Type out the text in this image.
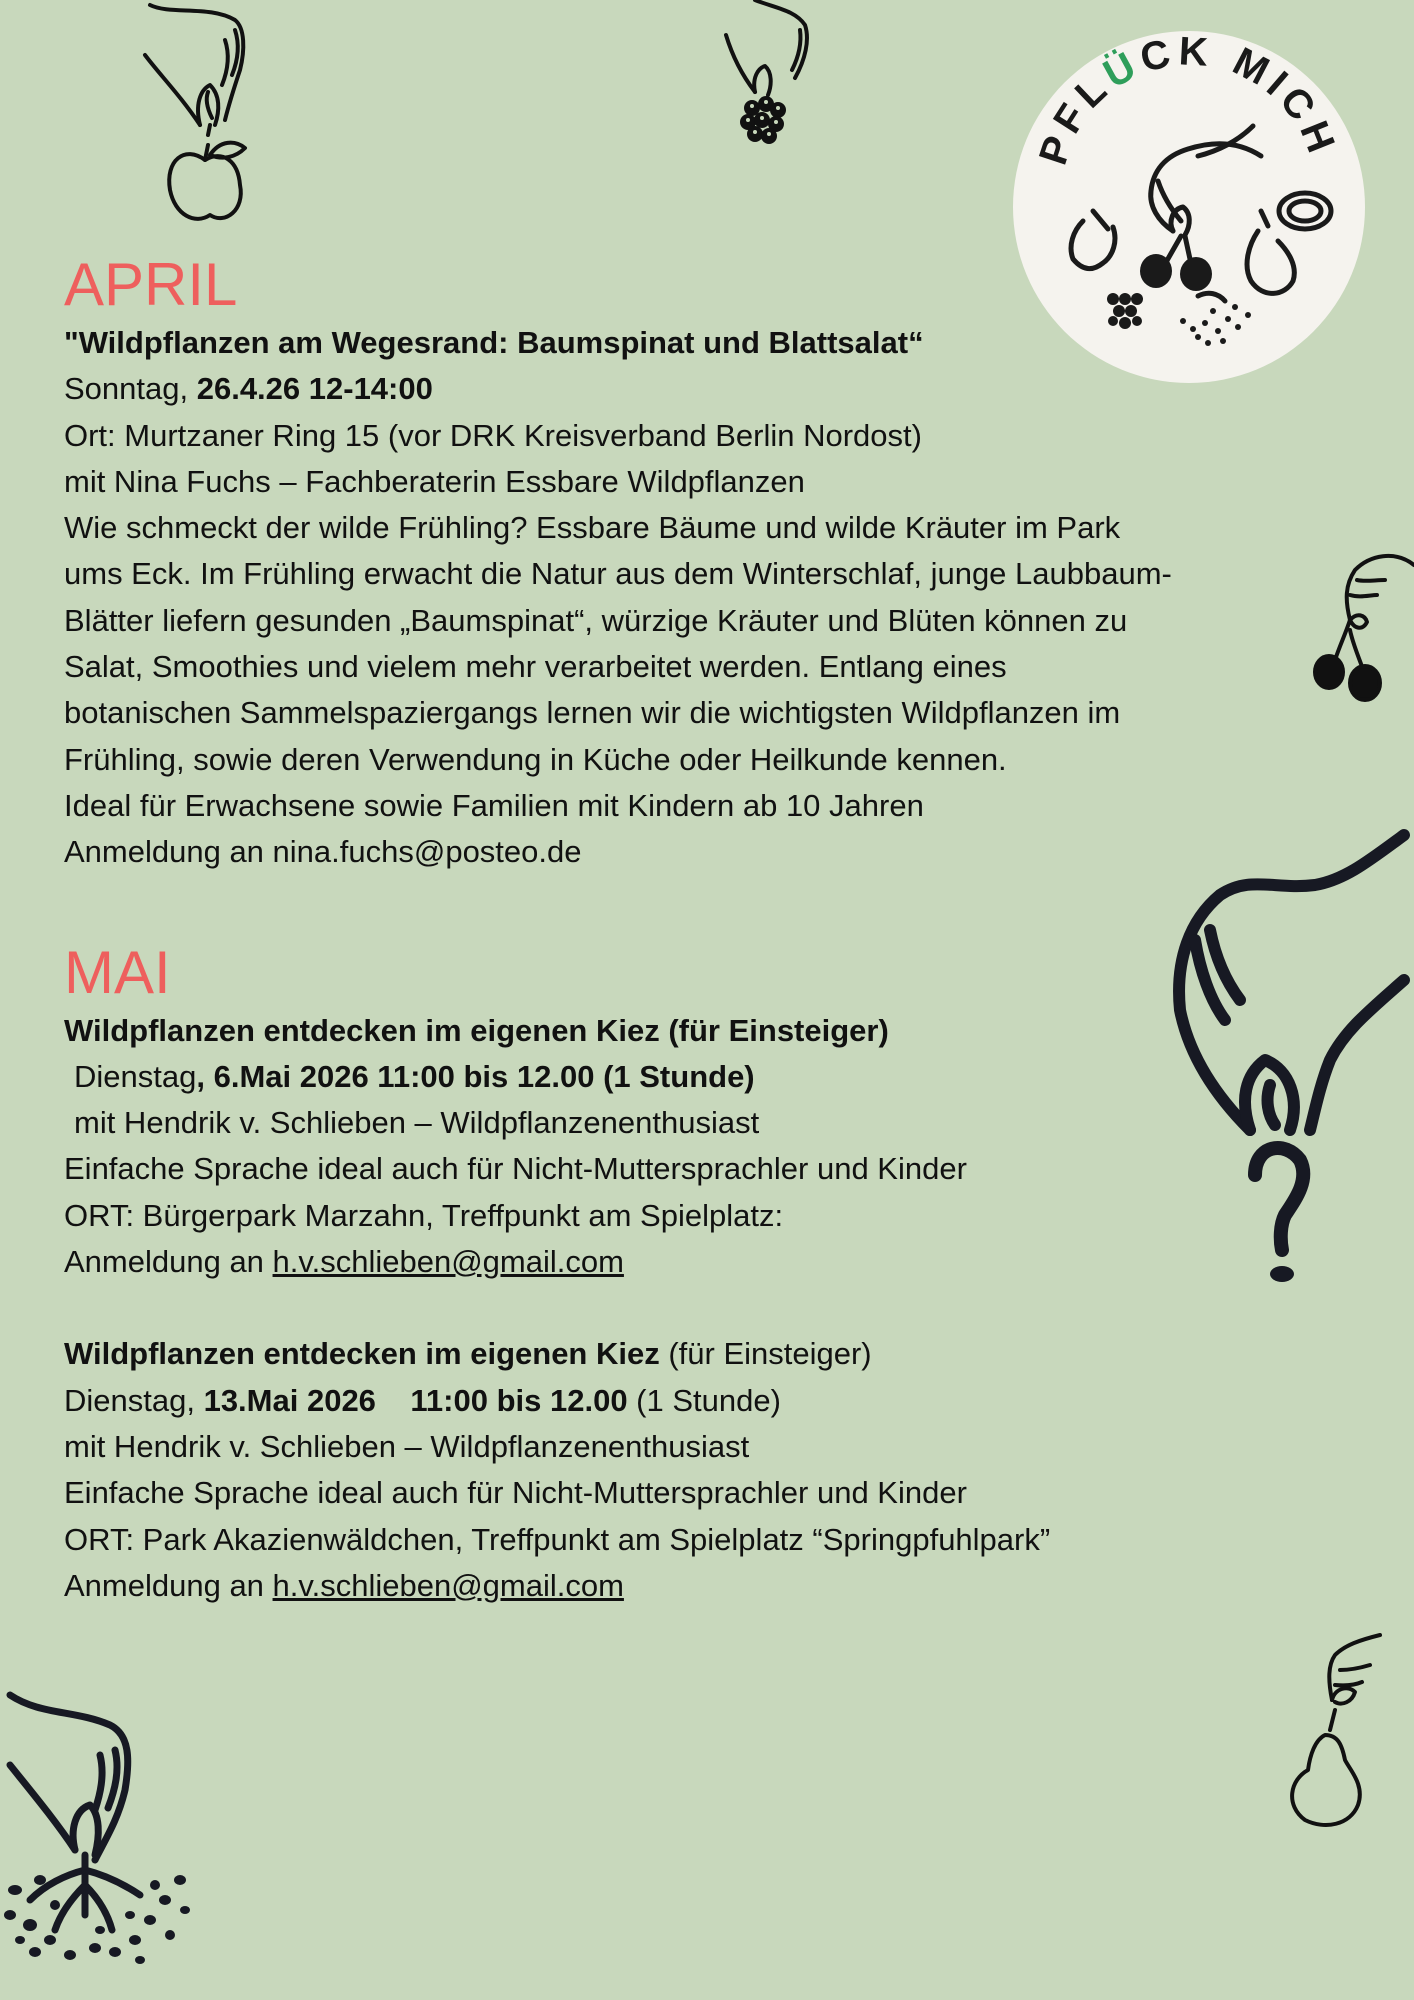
PFLÜCK MICH
APRIL

"Wildpflanzen am Wegesrand: Baumspinat und Blattsalat“

Sonntag, 26.4.26 12-14:00

Ort: Murtzaner Ring 15 (vor DRK Kreisverband Berlin Nordost)

mit Nina Fuchs – Fachberaterin Essbare Wildpflanzen

Wie schmeckt der wilde Frühling? Essbare Bäume und wilde Kräuter im Park

ums Eck. Im Frühling erwacht die Natur aus dem Winterschlaf, junge Laubbaum-

Blätter liefern gesunden „Baumspinat“, würzige Kräuter und Blüten können zu

Salat, Smoothies und vielem mehr verarbeitet werden. Entlang eines

botanischen Sammelspaziergangs lernen wir die wichtigsten Wildpflanzen im

Frühling, sowie deren Verwendung in Küche oder Heilkunde kennen.

Ideal für Erwachsene sowie Familien mit Kindern ab 10 Jahren

Anmeldung an nina.fuchs@posteo.de

MAI

Wildpflanzen entdecken im eigenen Kiez (für Einsteiger)

Dienstag, 6.Mai 2026 11:00 bis 12.00 (1 Stunde)

mit Hendrik v. Schlieben – Wildpflanzenenthusiast

Einfache Sprache ideal auch für Nicht-Muttersprachler und Kinder

ORT: Bürgerpark Marzahn, Treffpunkt am Spielplatz:

Anmeldung an h.v.schlieben@gmail.com

Wildpflanzen entdecken im eigenen Kiez (für Einsteiger)

Dienstag, 13.Mai 2026 11:00 bis 12.00 (1 Stunde)

mit Hendrik v. Schlieben – Wildpflanzenenthusiast

Einfache Sprache ideal auch für Nicht-Muttersprachler und Kinder

ORT: Park Akazienwäldchen, Treffpunkt am Spielplatz “Springpfuhlpark”

Anmeldung an h.v.schlieben@gmail.com
